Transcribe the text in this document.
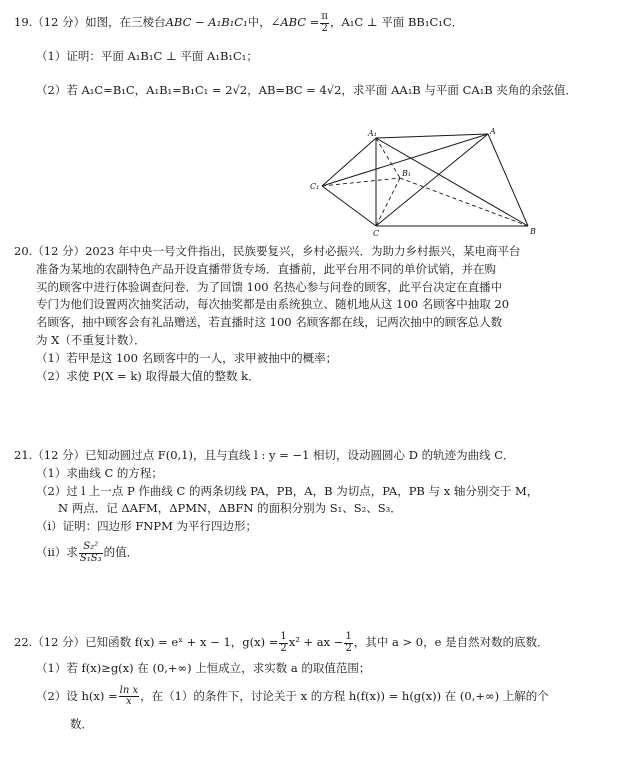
19.（12 分）如图，在三棱台ABC − A₁B₁C₁中，∠ABC = $\frac{\pi}{2}$ ，A₁C ⊥ 平面 BB₁C₁C．

（1）证明：平面 A₁B₁C ⊥ 平面 A₁B₁C₁；

（2）若 A₁C=B₁C，A₁B₁=B₁C₁ = 2√2，AB=BC = 4√2，求平面 AA₁B 与平面 CA₁B 夹角的余弦值．

A₁	A
C₁
B₁
C	B

20.（12 分）2023 年中央一号文件指出，民族要复兴，乡村必振兴．为助力乡村振兴，某电商平台

准备为某地的农副特色产品开设直播带货专场．直播前，此平台用不同的单价试销，并在购

买的顾客中进行体验调查问卷．为了回馈 100 名热心参与问卷的顾客，此平台决定在直播中

专门为他们设置两次抽奖活动，每次抽奖都是由系统独立、随机地从这 100 名顾客中抽取 20

名顾客，抽中顾客会有礼品赠送，若直播时这 100 名顾客都在线，记两次抽中的顾客总人数

为 X（不重复计数）．

（1）若甲是这 100 名顾客中的一人，求甲被抽中的概率；

（2）求使 P(X = k) 取得最大值的整数 k．

21.（12 分）已知动圆过点 F(0,1)，且与直线 l : y = −1 相切，设动圆圆心 D 的轨迹为曲线 C．

（1）求曲线 C 的方程；

（2）过 l 上一点 P 作曲线 C 的两条切线 PA，PB，A，B 为切点，PA，PB 与 x 轴分别交于 M，

N 两点．记 ΔAFM，ΔPMN，ΔBFN 的面积分别为 S₁、S₂、S₃．

（i）证明：四边形 FNPM 为平行四边形；

（ii）求 $\frac{\text{S₂²}}{\text{S₁S₃}}$ 的值．

22.（12 分）已知函数 f(x) = eˣ + x − 1，$g(x) = \frac{1}{2} x^2$ + ax − $\frac{1}{2}$ ，其中 a > 0，e 是自然对数的底数．

（1）若 f(x)≥g(x) 在 (0,+∞) 上恒成立，求实数 a 的取值范围；

（2）设 $h(x) = \frac{\text{ln x}}{x}$ ，在（1）的条件下，讨论关于 x 的方程 h(f(x)) = h(g(x)) 在 (0,+∞) 上解的个

数．
